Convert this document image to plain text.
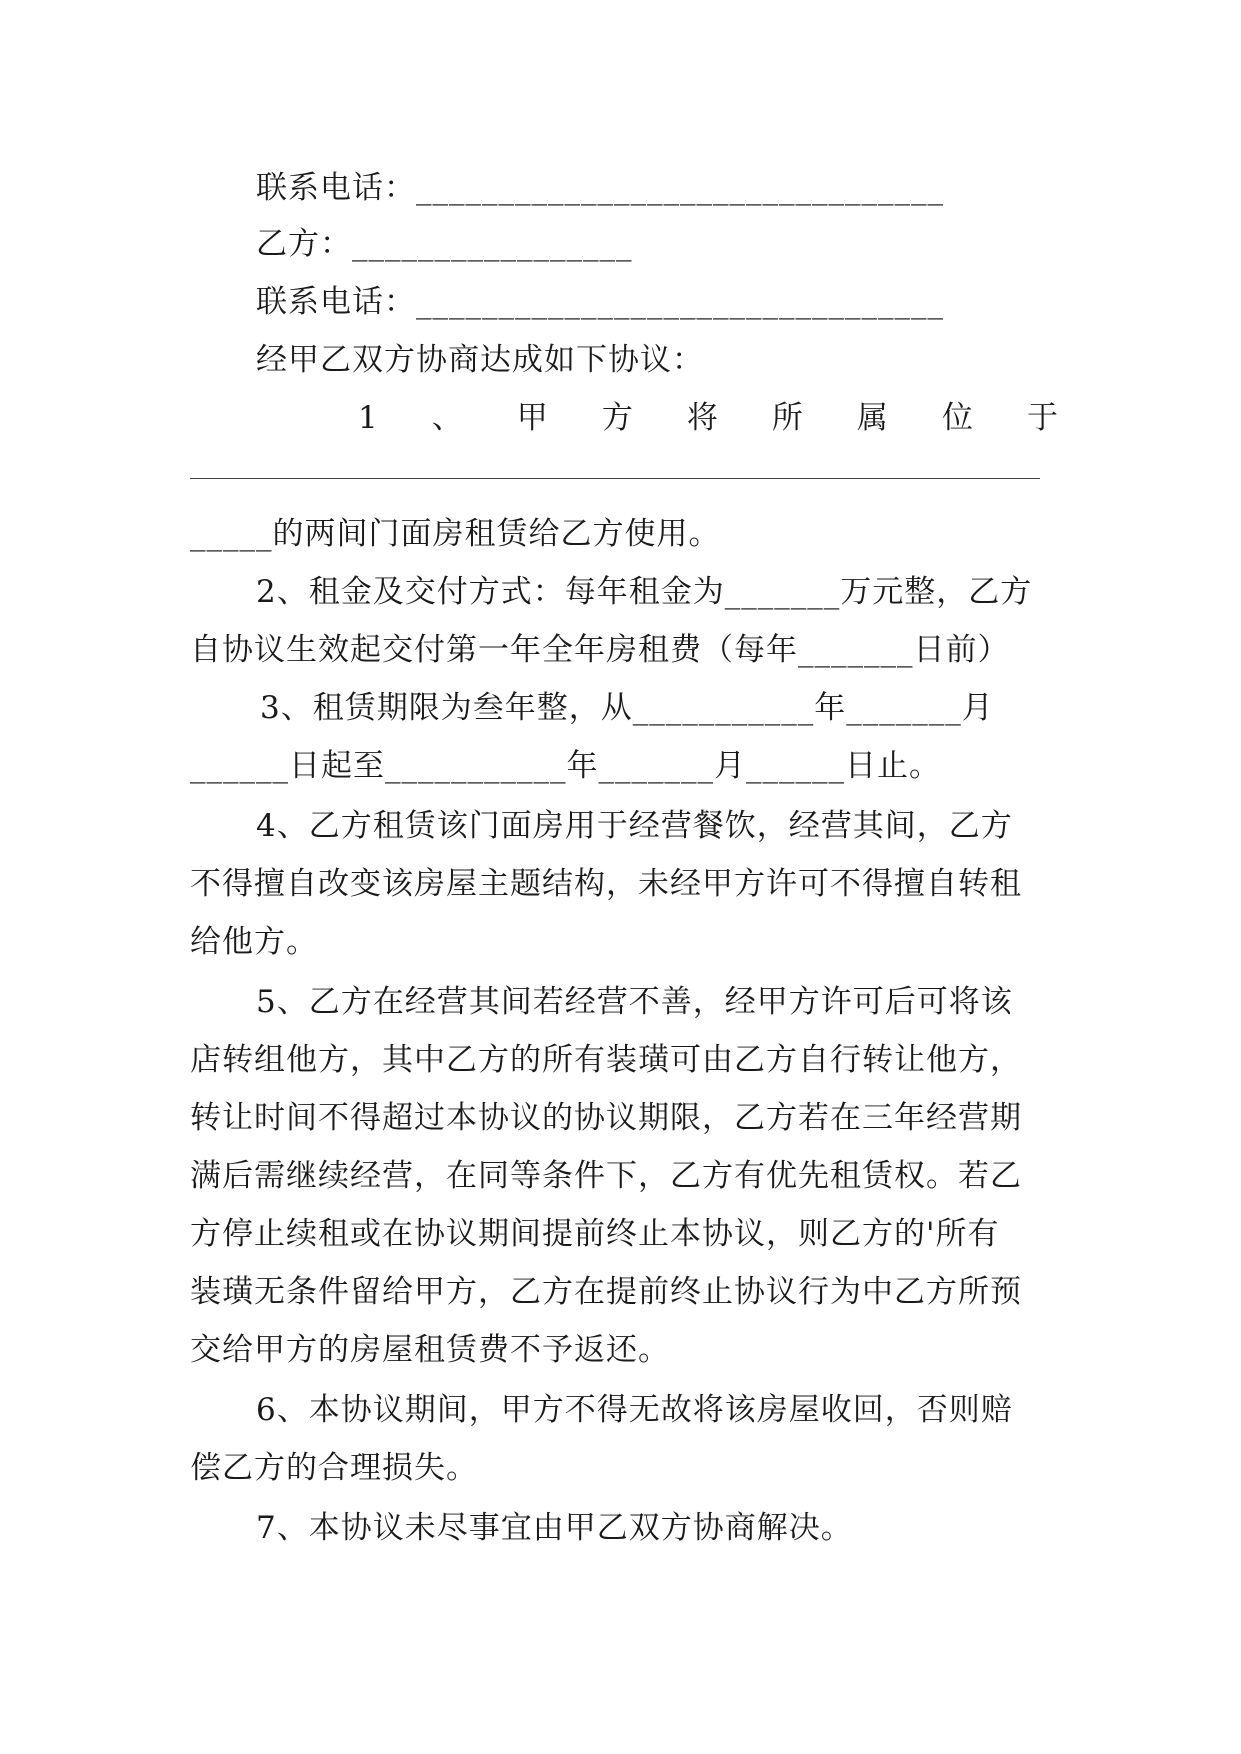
联系电话：________________________________
乙方：_________________
联系电话：________________________________
经甲乙双方协商达成如下协议：
1 、 甲 方 将 所 属 位 于
_____的两间门面房租赁给乙方使用。
2、租金及交付方式：每年租金为_______万元整，乙方
自协议生效起交付第一年全年房租费（每年_______日前）
3、租赁期限为叁年整，从___________年_______月
______日起至___________年_______月______日止。
4、乙方租赁该门面房用于经营餐饮，经营其间，乙方
不得擅自改变该房屋主题结构，未经甲方许可不得擅自转租
给他方。
5、乙方在经营其间若经营不善，经甲方许可后可将该
店转组他方，其中乙方的所有装璜可由乙方自行转让他方，
转让时间不得超过本协议的协议期限，乙方若在三年经营期
满后需继续经营，在同等条件下，乙方有优先租赁权。若乙
方停止续租或在协议期间提前终止本协议，则乙方的'所有
装璜无条件留给甲方，乙方在提前终止协议行为中乙方所预
交给甲方的房屋租赁费不予返还。
6、本协议期间，甲方不得无故将该房屋收回，否则赔
偿乙方的合理损失。
7、本协议未尽事宜由甲乙双方协商解决。
